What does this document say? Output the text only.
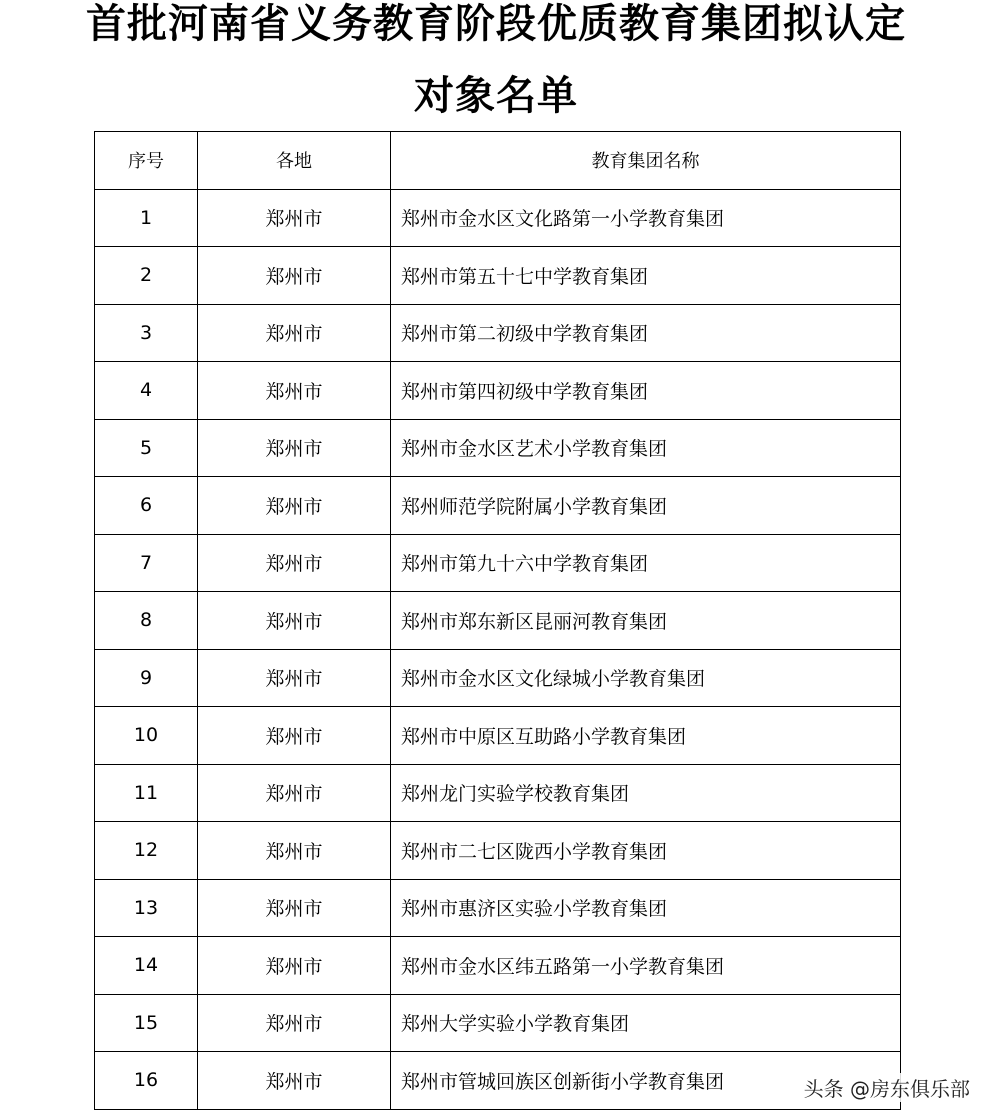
首批河南省义务教育阶段优质教育集团拟认定
对象名单
序号	各地	教育集团名称
1	郑州市	郑州市金水区文化路第一小学教育集团
2	郑州市	郑州市第五十七中学教育集团
3	郑州市	郑州市第二初级中学教育集团
4	郑州市	郑州市第四初级中学教育集团
5	郑州市	郑州市金水区艺术小学教育集团
6	郑州市	郑州师范学院附属小学教育集团
7	郑州市	郑州市第九十六中学教育集团
8	郑州市	郑州市郑东新区昆丽河教育集团
9	郑州市	郑州市金水区文化绿城小学教育集团
10	郑州市	郑州市中原区互助路小学教育集团
11	郑州市	郑州龙门实验学校教育集团
12	郑州市	郑州市二七区陇西小学教育集团
13	郑州市	郑州市惠济区实验小学教育集团
14	郑州市	郑州市金水区纬五路第一小学教育集团
15	郑州市	郑州大学实验小学教育集团
16	郑州市	郑州市管城回族区创新街小学教育集团	头条 @房东俱乐部
